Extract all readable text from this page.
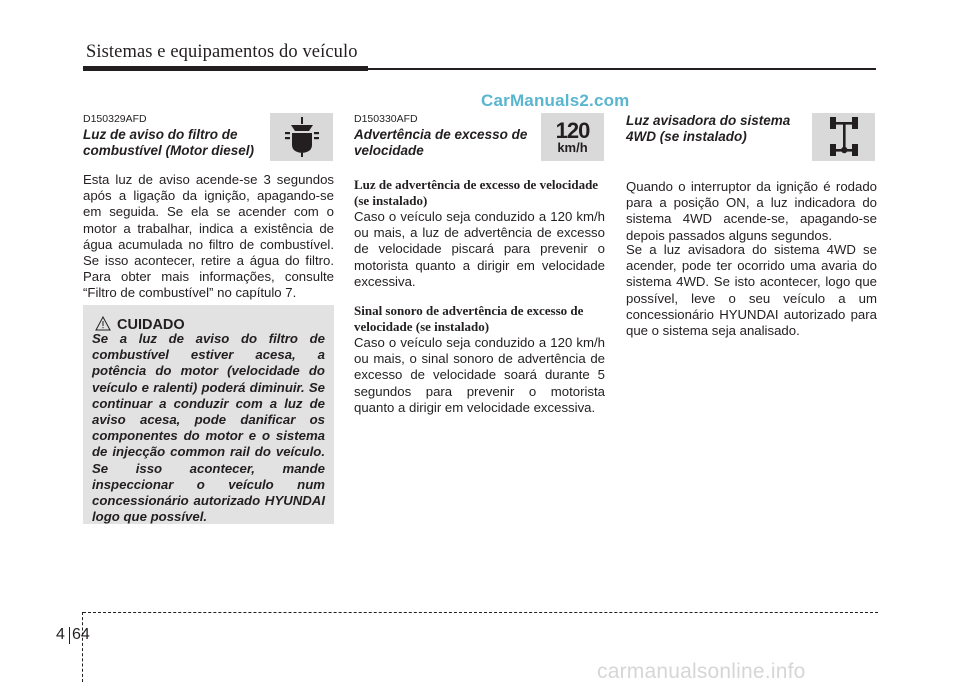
Sistemas e equipamentos do veículo
CarManuals2.com

D150329AFD

Luz de aviso do filtro de
combustível (Motor diesel)

Esta luz de aviso acende-se 3 segundos após a ligação da ignição, apagando-se em seguida. Se ela se acender com o motor a trabalhar, indica a existência de água acumulada no filtro de combustível. Se isso acontecer, retire a água do filtro. Para obter mais informações, consulte “Filtro de combustível” no capítulo 7.

CUIDADO

Se a luz de aviso do filtro de combustível estiver acesa, a potência do motor (velocidade do veículo e ralenti) poderá diminuir. Se continuar a conduzir com a luz de aviso acesa, pode danificar os componentes do motor e o sistema de injecção common rail do veículo. Se isso acontecer, mande inspeccionar o veículo num concessionário autorizado HYUNDAI logo que possível.

D150330AFD

Advertência de excesso de
velocidade
120
km/h
Luz de advertência de excesso de velocidade (se instalado)

Caso o veículo seja conduzido a 120 km/h ou mais, a luz de advertência de excesso de velocidade piscará para prevenir o motorista quanto a dirigir em velocidade excessiva.

Sinal sonoro de advertência de excesso de velocidade (se instalado)

Caso o veículo seja conduzido a 120 km/h ou mais, o sinal sonoro de advertência de excesso de velocidade soará durante 5 segundos para prevenir o motorista quanto a dirigir em velocidade excessiva.

Luz avisadora do sistema
4WD (se instalado)

Quando o interruptor da ignição é rodado para a posição ON, a luz indicadora do sistema 4WD acende-se, apagando-se depois passados alguns segundos.

Se a luz avisadora do sistema 4WD se acender, pode ter ocorrido uma avaria do sistema 4WD. Se isto acontecer, logo que possível, leve o seu veículo a um concessionário HYUNDAI autorizado para que o sistema seja analisado.

4 64
carmanualsonline.info
